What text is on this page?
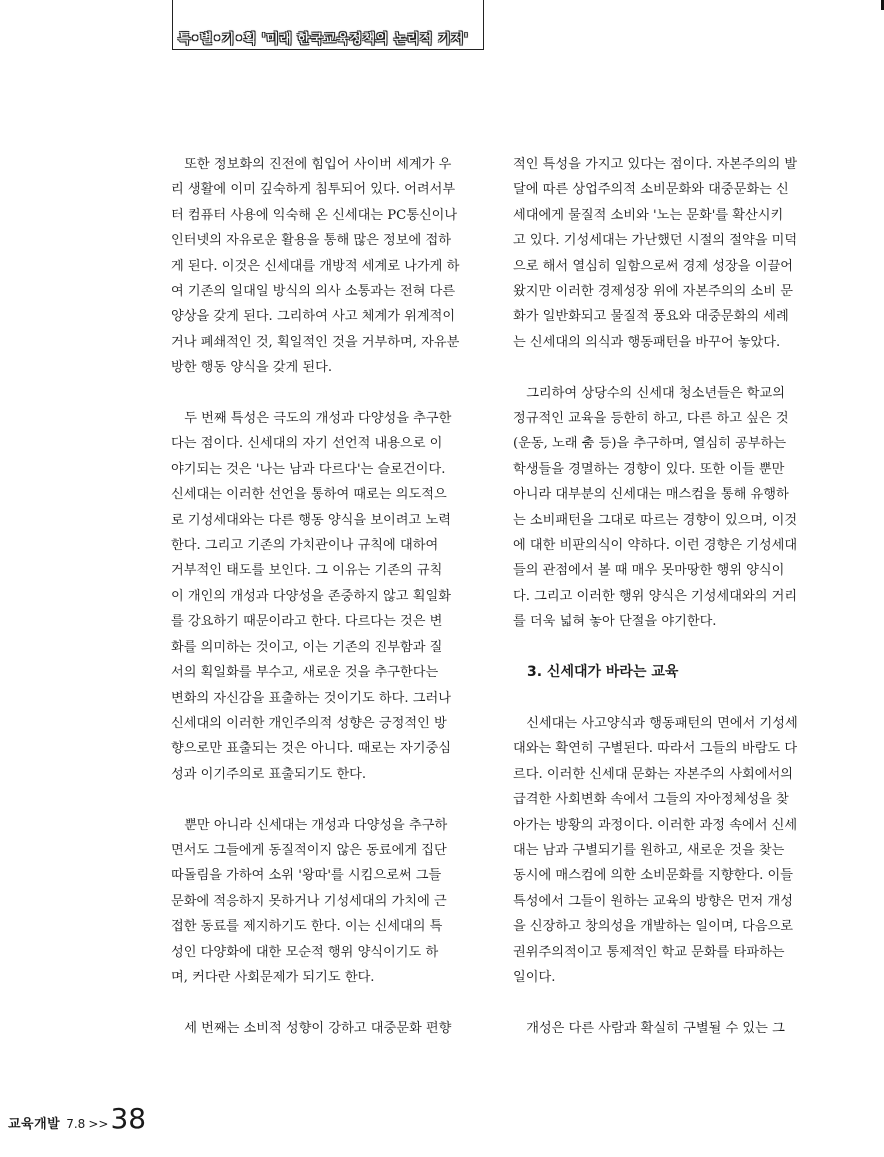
특•별•기•획 '미래 한국교육정책의 논리적 기저'

또한 정보화의 진전에 힘입어 사이버 세계가 우
리 생활에 이미 깊숙하게 침투되어 있다. 어려서부
터 컴퓨터 사용에 익숙해 온 신세대는 PC통신이나
인터넷의 자유로운 활용을 통해 많은 정보에 접하
게 된다. 이것은 신세대를 개방적 세계로 나가게 하
여 기존의 일대일 방식의 의사 소통과는 전혀 다른
양상을 갖게 된다. 그리하여 사고 체계가 위계적이
거나 폐쇄적인 것, 획일적인 것을 거부하며, 자유분
방한 행동 양식을 갖게 된다.

두 번째 특성은 극도의 개성과 다양성을 추구한
다는 점이다. 신세대의 자기 선언적 내용으로 이
야기되는 것은 '나는 남과 다르다'는 슬로건이다.
신세대는 이러한 선언을 통하여 때로는 의도적으
로 기성세대와는 다른 행동 양식을 보이려고 노력
한다. 그리고 기존의 가치관이나 규칙에 대하여
거부적인 태도를 보인다. 그 이유는 기존의 규칙
이 개인의 개성과 다양성을 존중하지 않고 획일화
를 강요하기 때문이라고 한다. 다르다는 것은 변
화를 의미하는 것이고, 이는 기존의 진부함과 질
서의 획일화를 부수고, 새로운 것을 추구한다는
변화의 자신감을 표출하는 것이기도 하다. 그러나
신세대의 이러한 개인주의적 성향은 긍정적인 방
향으로만 표출되는 것은 아니다. 때로는 자기중심
성과 이기주의로 표출되기도 한다.

뿐만 아니라 신세대는 개성과 다양성을 추구하
면서도 그들에게 동질적이지 않은 동료에게 집단
따돌림을 가하여 소위 '왕따'를 시킴으로써 그들
문화에 적응하지 못하거나 기성세대의 가치에 근
접한 동료를 제지하기도 한다. 이는 신세대의 특
성인 다양화에 대한 모순적 행위 양식이기도 하
며, 커다란 사회문제가 되기도 한다.

세 번째는 소비적 성향이 강하고 대중문화 편향

적인 특성을 가지고 있다는 점이다. 자본주의의 발
달에 따른 상업주의적 소비문화와 대중문화는 신
세대에게 물질적 소비와 '노는 문화'를 확산시키
고 있다. 기성세대는 가난했던 시절의 절약을 미덕
으로 해서 열심히 일함으로써 경제 성장을 이끌어
왔지만 이러한 경제성장 위에 자본주의의 소비 문
화가 일반화되고 물질적 풍요와 대중문화의 세례
는 신세대의 의식과 행동패턴을 바꾸어 놓았다.

그리하여 상당수의 신세대 청소년들은 학교의
정규적인 교육을 등한히 하고, 다른 하고 싶은 것
(운동, 노래 춤 등)을 추구하며, 열심히 공부하는
학생들을 경멸하는 경향이 있다. 또한 이들 뿐만
아니라 대부분의 신세대는 매스컴을 통해 유행하
는 소비패턴을 그대로 따르는 경향이 있으며, 이것
에 대한 비판의식이 약하다. 이런 경향은 기성세대
들의 관점에서 볼 때 매우 못마땅한 행위 양식이
다. 그리고 이러한 행위 양식은 기성세대와의 거리
를 더욱 넓혀 놓아 단절을 야기한다.

3. 신세대가 바라는 교육

신세대는 사고양식과 행동패턴의 면에서 기성세
대와는 확연히 구별된다. 따라서 그들의 바람도 다
르다. 이러한 신세대 문화는 자본주의 사회에서의
급격한 사회변화 속에서 그들의 자아정체성을 찾
아가는 방황의 과정이다. 이러한 과정 속에서 신세
대는 남과 구별되기를 원하고, 새로운 것을 찾는
동시에 매스컴에 의한 소비문화를 지향한다. 이들
특성에서 그들이 원하는 교육의 방향은 먼저 개성
을 신장하고 창의성을 개발하는 일이며, 다음으로
권위주의적이고 통제적인 학교 문화를 타파하는
일이다.

개성은 다른 사람과 확실히 구별될 수 있는 그

교육개발 7.8 >> 38
